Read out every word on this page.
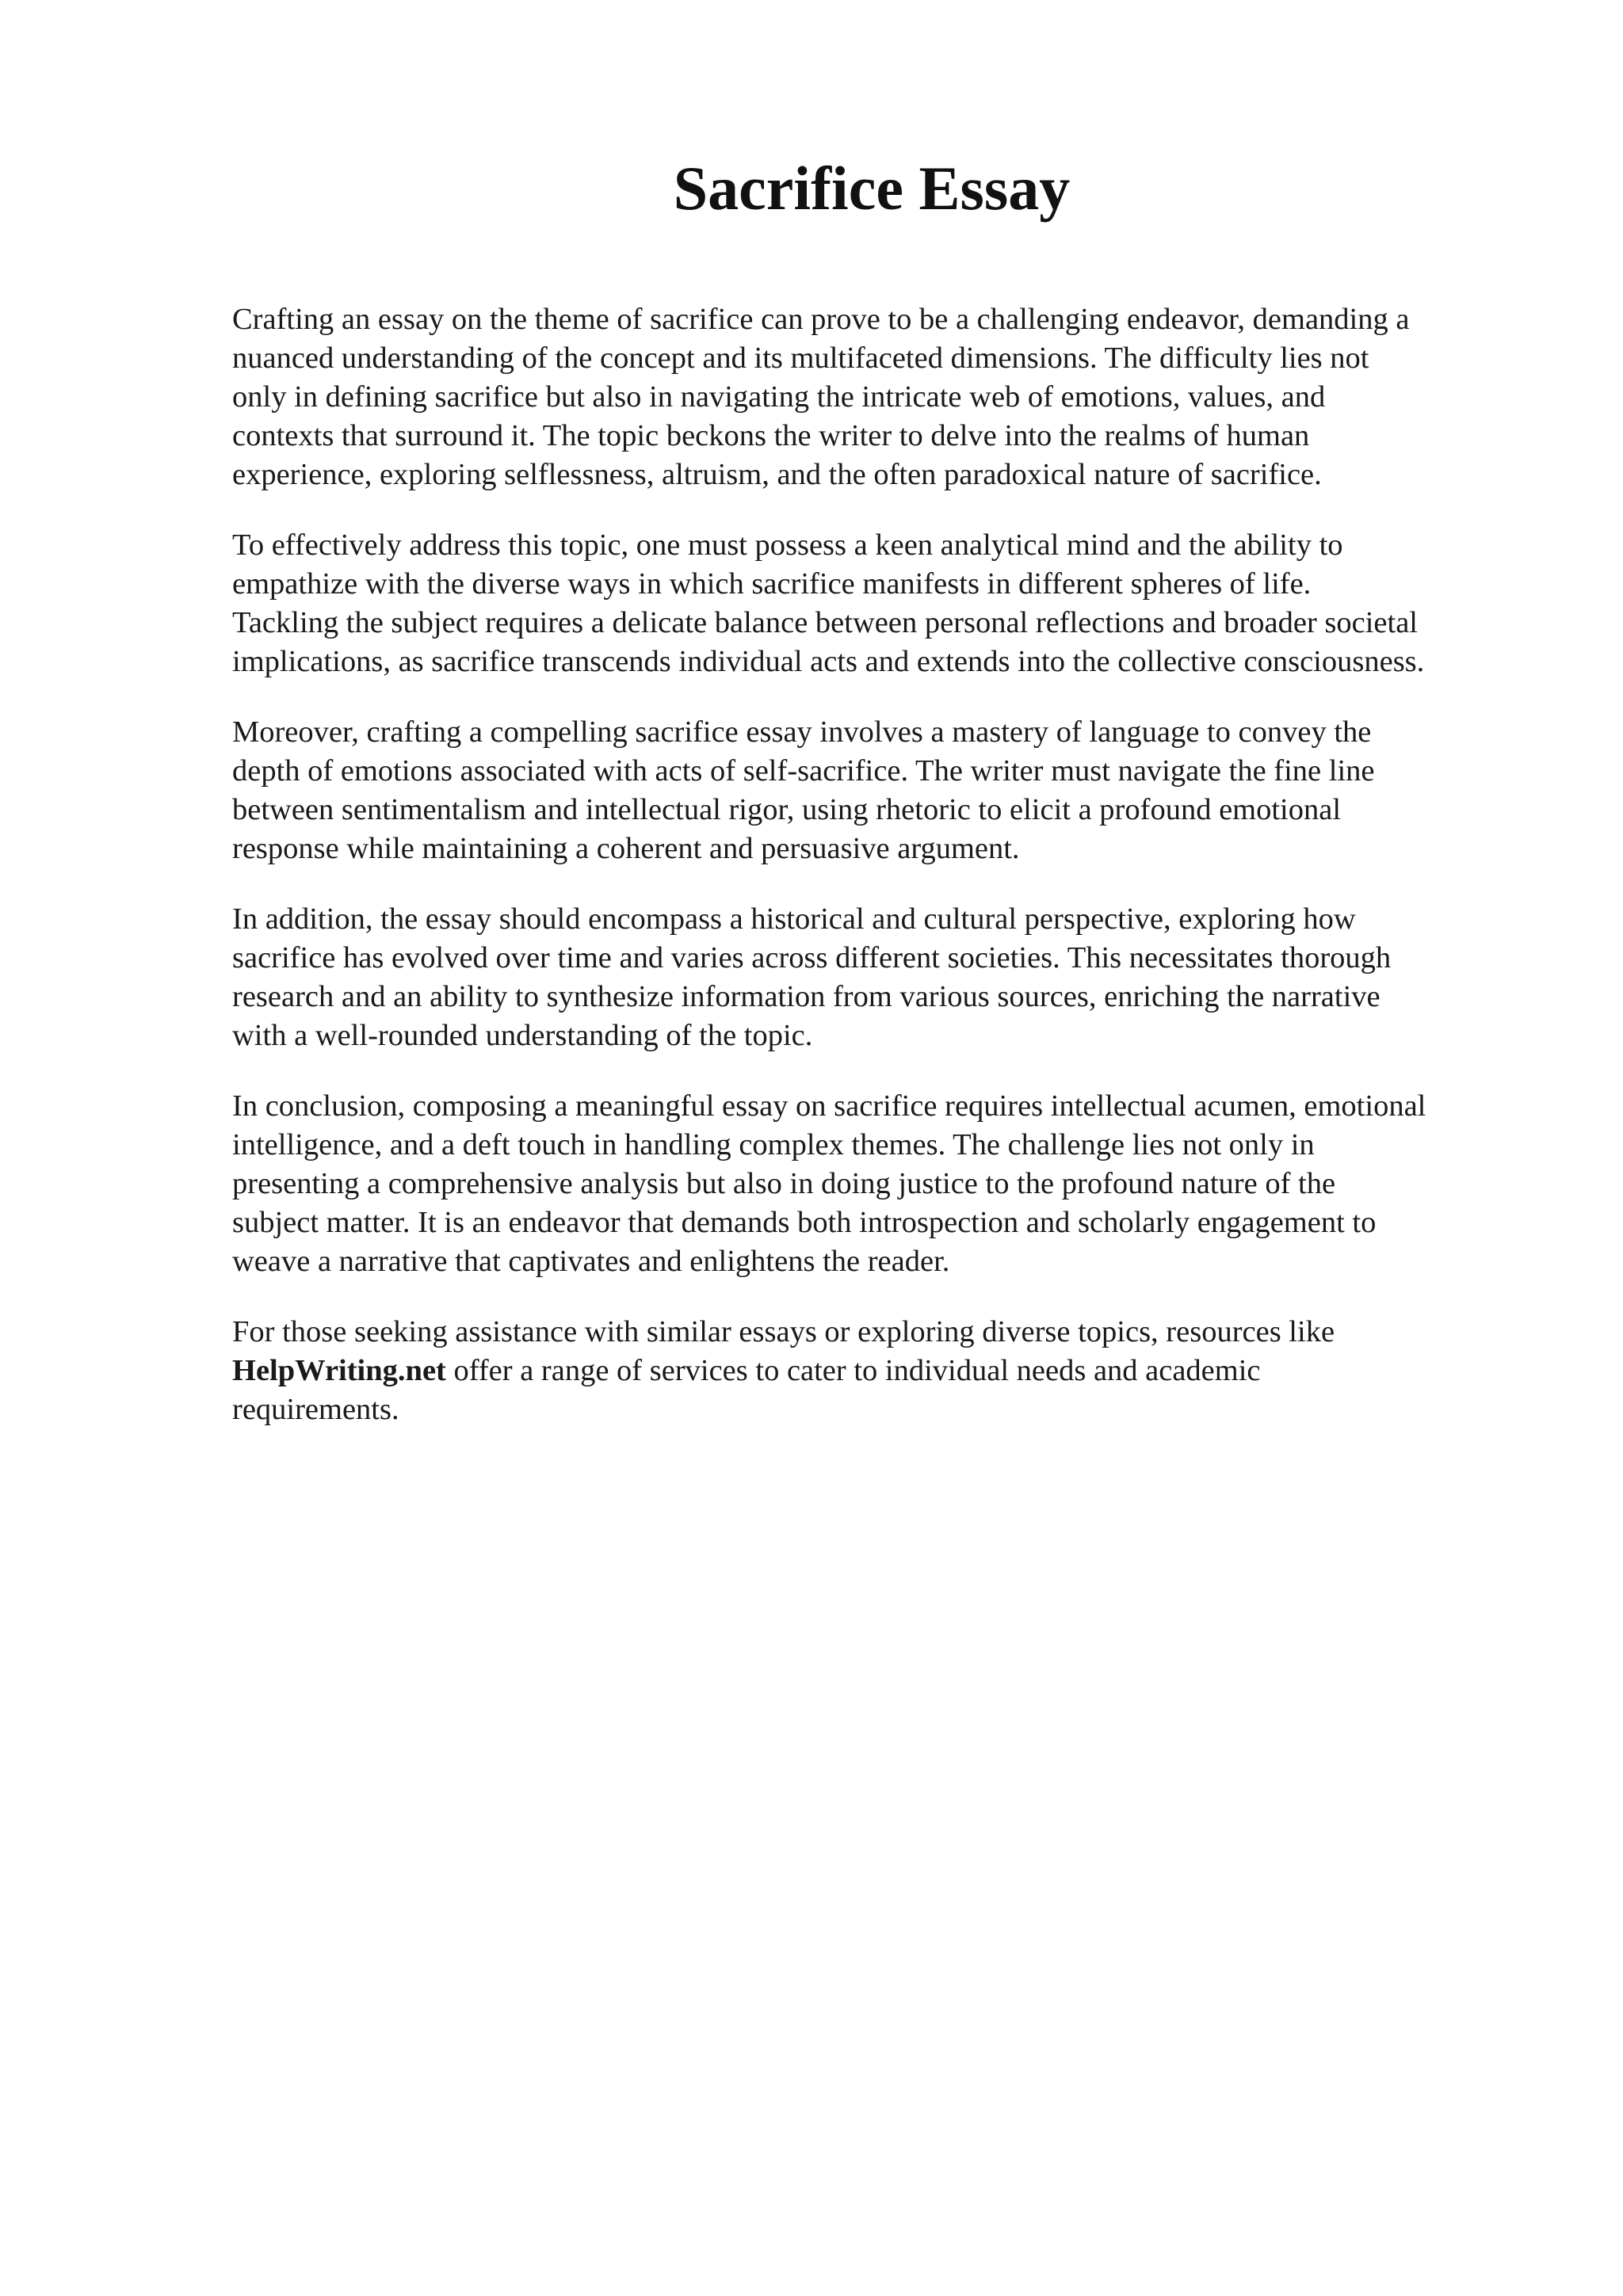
Sacrifice Essay

Crafting an essay on the theme of sacrifice can prove to be a challenging endeavor, demanding a
nuanced understanding of the concept and its multifaceted dimensions. The difficulty lies not
only in defining sacrifice but also in navigating the intricate web of emotions, values, and
contexts that surround it. The topic beckons the writer to delve into the realms of human
experience, exploring selflessness, altruism, and the often paradoxical nature of sacrifice.

To effectively address this topic, one must possess a keen analytical mind and the ability to
empathize with the diverse ways in which sacrifice manifests in different spheres of life.
Tackling the subject requires a delicate balance between personal reflections and broader societal
implications, as sacrifice transcends individual acts and extends into the collective consciousness.

Moreover, crafting a compelling sacrifice essay involves a mastery of language to convey the
depth of emotions associated with acts of self-sacrifice. The writer must navigate the fine line
between sentimentalism and intellectual rigor, using rhetoric to elicit a profound emotional
response while maintaining a coherent and persuasive argument.

In addition, the essay should encompass a historical and cultural perspective, exploring how
sacrifice has evolved over time and varies across different societies. This necessitates thorough
research and an ability to synthesize information from various sources, enriching the narrative
with a well-rounded understanding of the topic.

In conclusion, composing a meaningful essay on sacrifice requires intellectual acumen, emotional
intelligence, and a deft touch in handling complex themes. The challenge lies not only in
presenting a comprehensive analysis but also in doing justice to the profound nature of the
subject matter. It is an endeavor that demands both introspection and scholarly engagement to
weave a narrative that captivates and enlightens the reader.

For those seeking assistance with similar essays or exploring diverse topics, resources like
HelpWriting.net offer a range of services to cater to individual needs and academic
requirements.
